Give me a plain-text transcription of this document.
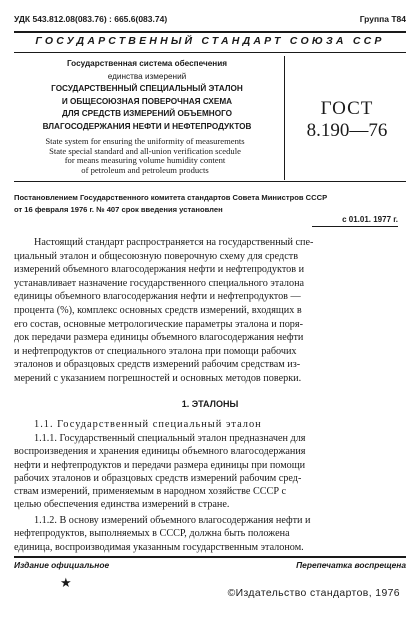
УДК 543.812.08(083.76) : 665.6(083.74)	Группа Т84
ГОСУДАРСТВЕННЫЙ СТАНДАРТ СОЮЗА ССР
Государственная система обеспечения
единства измерений
ГОСУДАРСТВЕННЫЙ СПЕЦИАЛЬНЫЙ ЭТАЛОН
И ОБЩЕСОЮЗНАЯ ПОВЕРОЧНАЯ СХЕМА
ДЛЯ СРЕДСТВ ИЗМЕРЕНИЙ ОБЪЕМНОГО
ВЛАГОСОДЕРЖАНИЯ НЕФТИ И НЕФТЕПРОДУКТОВ
State system for ensuring the uniformity of measurements
State special standard and all-union verification scedule
for means measuring volume humidity content
of petroleum and petroleum products
ГОСТ
8.190—76
Постановлением Государственного комитета стандартов Совета Министров СССР
от 16 февраля 1976 г. № 407 срок введения установлен
с 01.01. 1977 г.
Настоящий стандарт распространяется на государственный спе-
циальный эталон и общесоюзную поверочную схему для средств
измерений объемного влагосодержания нефти и нефтепродуктов и
устанавливает назначение государственного специального эталона
единицы объемного влагосодержания нефти и нефтепродуктов —
процента (%), комплекс основных средств измерений, входящих в
его состав, основные метрологические параметры эталона и поря-
док передачи размера единицы объемного влагосодержания нефти
и нефтепродуктов от специального эталона при помощи рабочих
эталонов и образцовых средств измерений рабочим средствам из-
мерений с указанием погрешностей и основных методов поверки.
1. ЭТАЛОНЫ
1.1. Государственный специальный эталон
1.1.1. Государственный специальный эталон предназначен для
воспроизведения и хранения единицы объемного влагосодержания
нефти и нефтепродуктов и передачи размера единицы при помощи
рабочих эталонов и образцовых средств измерений рабочим сред-
ствам измерений, применяемым в народном хозяйстве СССР с
целью обеспечения единства измерений в стране.
1.1.2. В основу измерений объемного влагосодержания нефти и
нефтепродуктов, выполняемых в СССР, должна быть положена
единица, воспроизводимая указанным государственным эталоном.
Издание официальное	Перепечатка воспрещена
★
©Издательство стандартов, 1976
